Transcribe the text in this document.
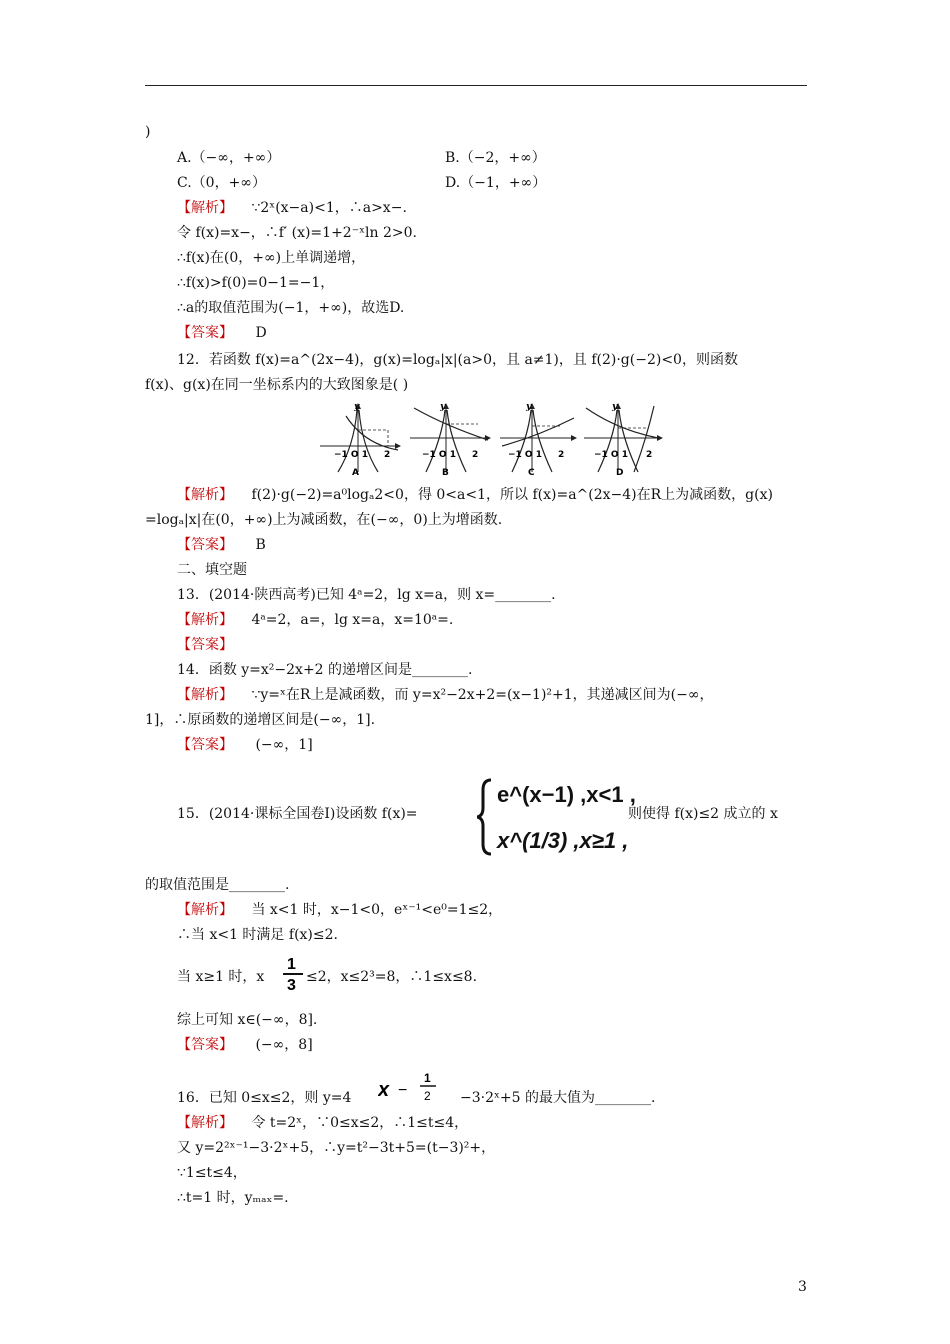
)
A.（−∞，+∞）	B.（−2，+∞）
C.（0，+∞）	D.（−1，+∞）
【解析】 ∵2ˣ(x−a)<1，∴a>x−.
令 f(x)=x−，∴f′ (x)=1+2⁻ˣln 2>0.
∴f(x)在(0，+∞)上单调递增，
∴f(x)>f(0)=0−1=−1，
∴a的取值范围为(−1，+∞)，故选D.
【答案】 D
12．若函数 f(x)=a^(2x−4)，g(x)=logₐ|x|(a>0，且 a≠1)，且 f(2)·g(−2)<0，则函数
f(x)、g(x)在同一坐标系内的大致图象是( )
y	y	y	y
−1 O 1	−1 O 1	−1 O 1	−1 O 1
2	2	2	2
A	B	C	D
【解析】 f(2)·g(−2)=a⁰logₐ2<0，得 0<a<1，所以 f(x)=a^(2x−4)在R上为减函数，g(x)
=logₐ|x|在(0，+∞)上为减函数，在(−∞，0)上为增函数.
【答案】 B
二、填空题
13．(2014·陕西高考)已知 4ᵃ=2，lg x=a，则 x=________.
【解析】 4ᵃ=2，a=，lg x=a，x=10ᵃ=.
【答案】
14．函数 y=x²−2x+2 的递增区间是________.
【解析】 ∵y=ˣ在R上是减函数，而 y=x²−2x+2=(x−1)²+1，其递减区间为(−∞，
1]，∴原函数的递增区间是(−∞，1].
【答案】 (−∞，1]
15．(2014·课标全国卷Ⅰ)设函数 f(x)=
e^(x−1) ,x<1 ,
x^(1/3) ,x≥1 ,
则使得 f(x)≤2 成立的 x
的取值范围是________.
【解析】 当 x<1 时，x−1<0，eˣ⁻¹<e⁰=1≤2，
∴当 x<1 时满足 f(x)≤2.
当 x≥1 时，x
1
3 ≤2，x≤2³=8，∴1≤x≤8.
综上可知 x∈(−∞，8].
【答案】 (−∞，8]
16．已知 0≤x≤2，则 y=4 x −
1
2 −3·2ˣ+5 的最大值为________.
【解析】 令 t=2ˣ，∵0≤x≤2，∴1≤t≤4，
又 y=2²ˣ⁻¹−3·2ˣ+5，∴y=t²−3t+5=(t−3)²+，
∵1≤t≤4，
∴t=1 时，yₘₐₓ=.
3
